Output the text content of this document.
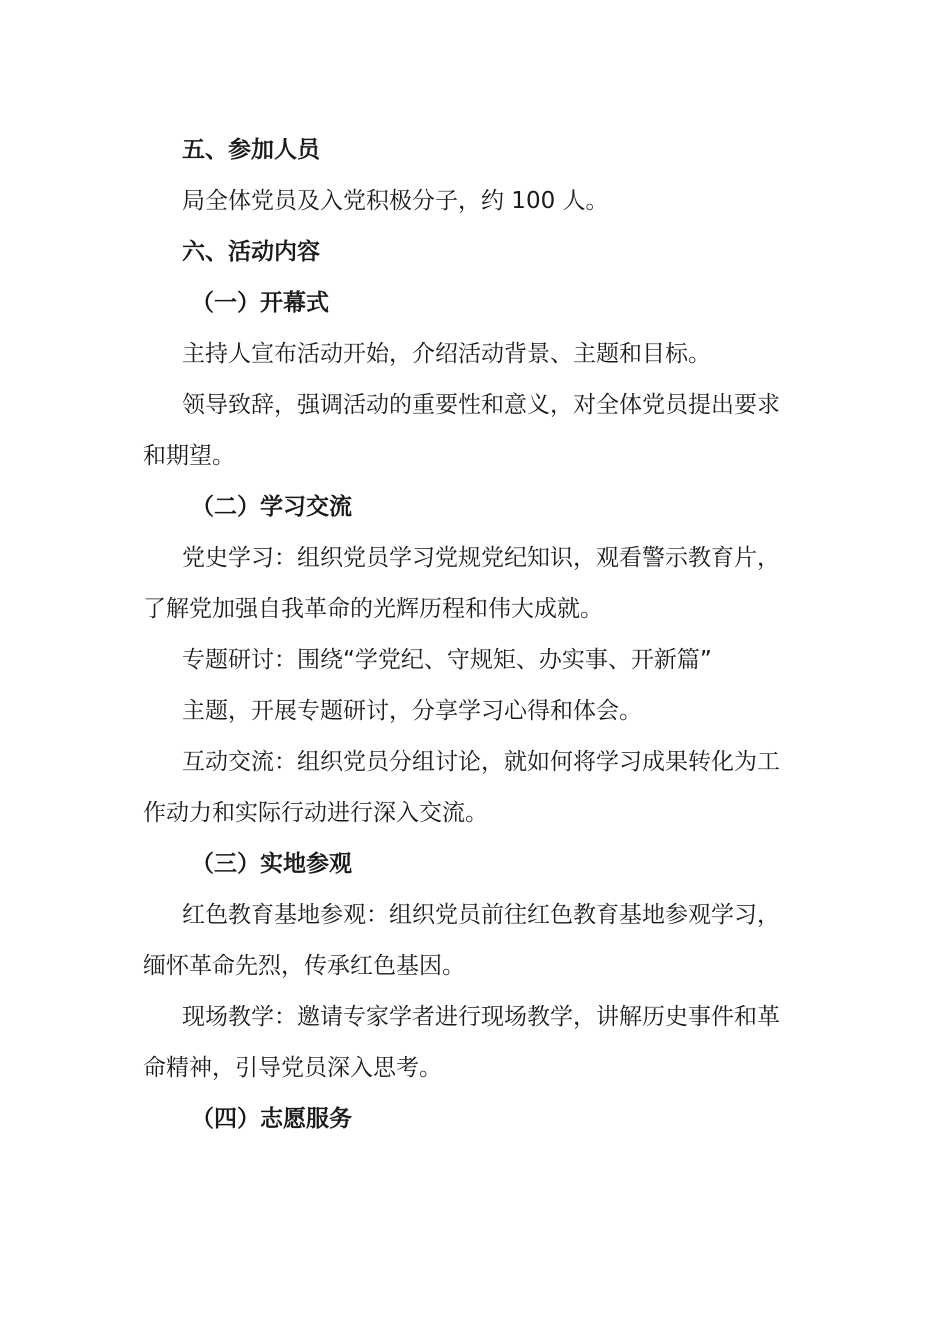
五、参加人员
局全体党员及入党积极分子，约 100 人。
六、活动内容
（一）开幕式
主持人宣布活动开始，介绍活动背景、主题和目标。
领导致辞，强调活动的重要性和意义，对全体党员提出要求
和期望。
（二）学习交流
党史学习：组织党员学习党规党纪知识，观看警示教育片，
了解党加强自我革命的光辉历程和伟大成就。
专题研讨：围绕“学党纪、守规矩、办实事、开新篇”
主题，开展专题研讨，分享学习心得和体会。
互动交流：组织党员分组讨论，就如何将学习成果转化为工
作动力和实际行动进行深入交流。
（三）实地参观
红色教育基地参观：组织党员前往红色教育基地参观学习，
缅怀革命先烈，传承红色基因。
现场教学：邀请专家学者进行现场教学，讲解历史事件和革
命精神，引导党员深入思考。
（四）志愿服务
